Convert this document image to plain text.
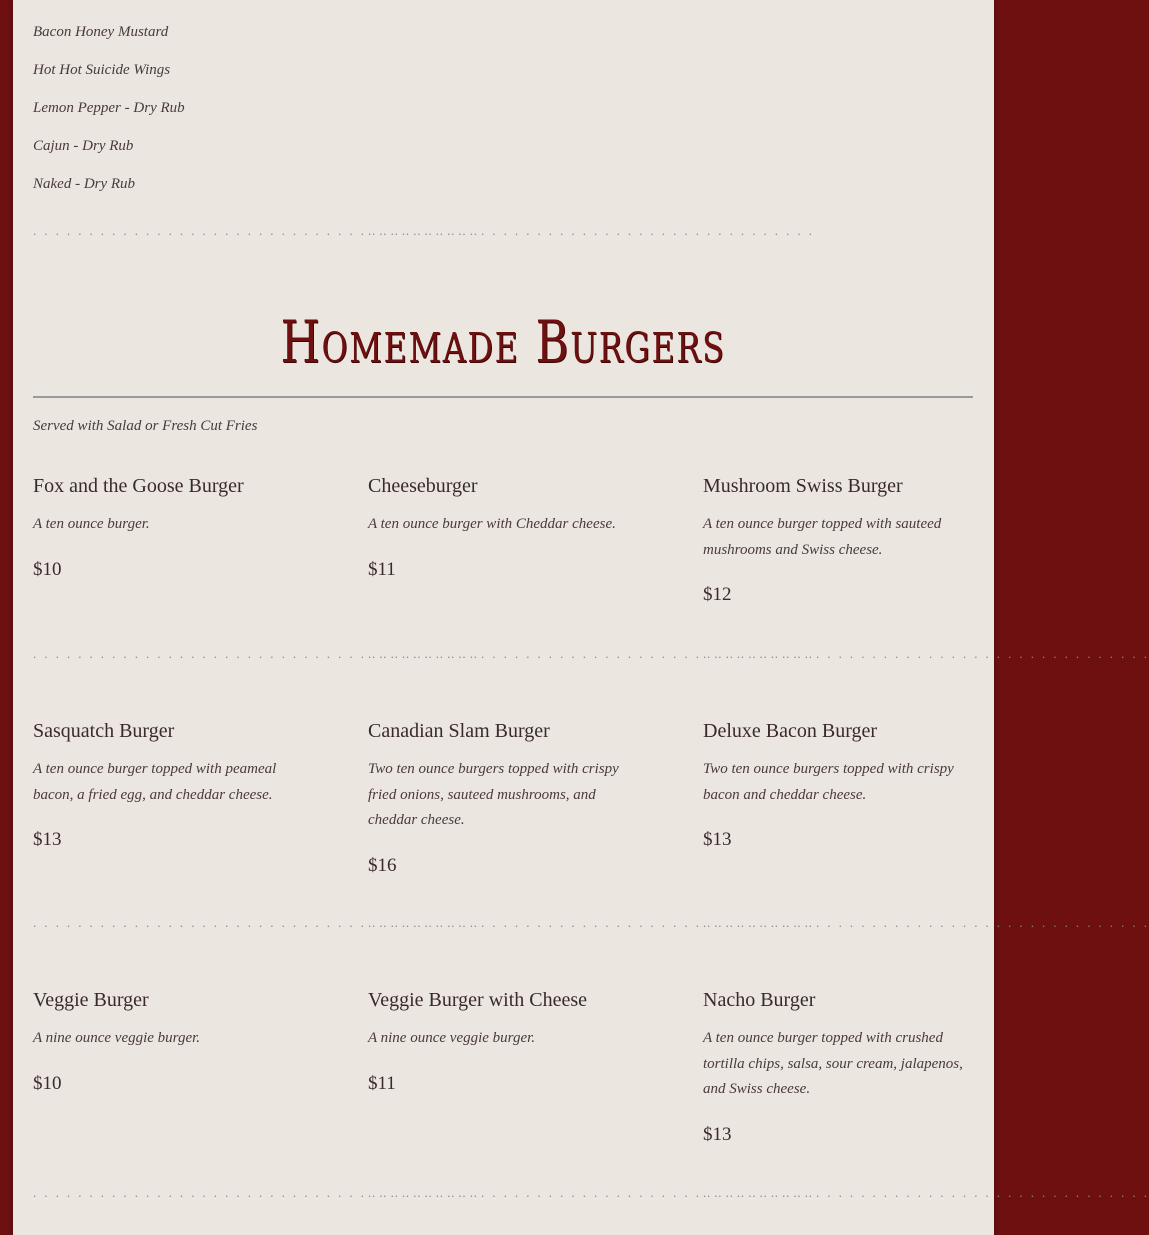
Bacon Honey Mustard
Hot Hot Suicide Wings
Lemon Pepper - Dry Rub
Cajun - Dry Rub
Naked - Dry Rub
. . . . . . . . . . . . . . . . . . . . . . . . . . . . . . . . . . . . . . . .
. . . . . . . . . . . . . . . . . . . . . . . . . . . . . . . . . . . . . . . .
Homemade Burgers
Served with Salad or Fresh Cut Fries
Fox and the Goose Burger
A ten ounce burger.
$10
Cheeseburger
A ten ounce burger with Cheddar cheese.
$11
Mushroom Swiss Burger
A ten ounce burger topped with sauteed mushrooms and Swiss cheese.
$12
. . . . . . . . . . . . . . . . . . . . . . . . . . . . . . . . . . . . . . . .
. . . . . . . . . . . . . . . . . . . . . . . . . . . . . . . . . . . . . . . .
. . . . . . . . . . . . . . . . . . . . . . . . . . . . . . . . . . . . . . . .
Sasquatch Burger
A ten ounce burger topped with peameal bacon, a fried egg, and cheddar cheese.
$13
Canadian Slam Burger
Two ten ounce burgers topped with crispy fried onions, sauteed mushrooms, and cheddar cheese.
$16
Deluxe Bacon Burger
Two ten ounce burgers topped with crispy bacon and cheddar cheese.
$13
. . . . . . . . . . . . . . . . . . . . . . . . . . . . . . . . . . . . . . . .
. . . . . . . . . . . . . . . . . . . . . . . . . . . . . . . . . . . . . . . .
. . . . . . . . . . . . . . . . . . . . . . . . . . . . . . . . . . . . . . . .
Veggie Burger
A nine ounce veggie burger.
$10
Veggie Burger with Cheese
A nine ounce veggie burger.
$11
Nacho Burger
A ten ounce burger topped with crushed tortilla chips, salsa, sour cream, jalapenos, and Swiss cheese.
$13
. . . . . . . . . . . . . . . . . . . . . . . . . . . . . . . . . . . . . . . .
. . . . . . . . . . . . . . . . . . . . . . . . . . . . . . . . . . . . . . . .
. . . . . . . . . . . . . . . . . . . . . . . . . . . . . . . . . . . . . . . .
